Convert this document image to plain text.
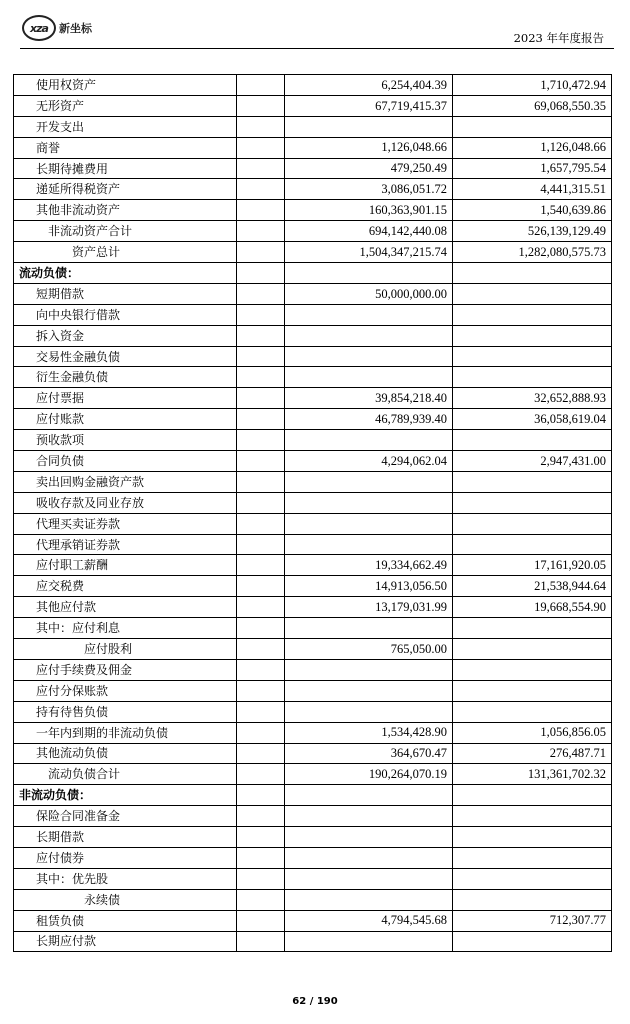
xza	新坐标
2023 年年度报告
使用权资产		6,254,404.39	1,710,472.94
无形资产		67,719,415.37	69,068,550.35
开发支出			
商誉		1,126,048.66	1,126,048.66
长期待摊费用		479,250.49	1,657,795.54
递延所得税资产		3,086,051.72	4,441,315.51
其他非流动资产		160,363,901.15	1,540,639.86
非流动资产合计		694,142,440.08	526,139,129.49
资产总计		1,504,347,215.74	1,282,080,575.73
流动负债：			
短期借款		50,000,000.00	
向中央银行借款			
拆入资金			
交易性金融负债			
衍生金融负债			
应付票据		39,854,218.40	32,652,888.93
应付账款		46,789,939.40	36,058,619.04
预收款项			
合同负债		4,294,062.04	2,947,431.00
卖出回购金融资产款			
吸收存款及同业存放			
代理买卖证券款			
代理承销证券款			
应付职工薪酬		19,334,662.49	17,161,920.05
应交税费		14,913,056.50	21,538,944.64
其他应付款		13,179,031.99	19,668,554.90
其中：应付利息			
应付股利		765,050.00	
应付手续费及佣金			
应付分保账款			
持有待售负债			
一年内到期的非流动负债		1,534,428.90	1,056,856.05
其他流动负债		364,670.47	276,487.71
流动负债合计		190,264,070.19	131,361,702.32
非流动负债：			
保险合同准备金			
长期借款			
应付债券			
其中：优先股			
永续债			
租赁负债		4,794,545.68	712,307.77
长期应付款			
62 / 190
